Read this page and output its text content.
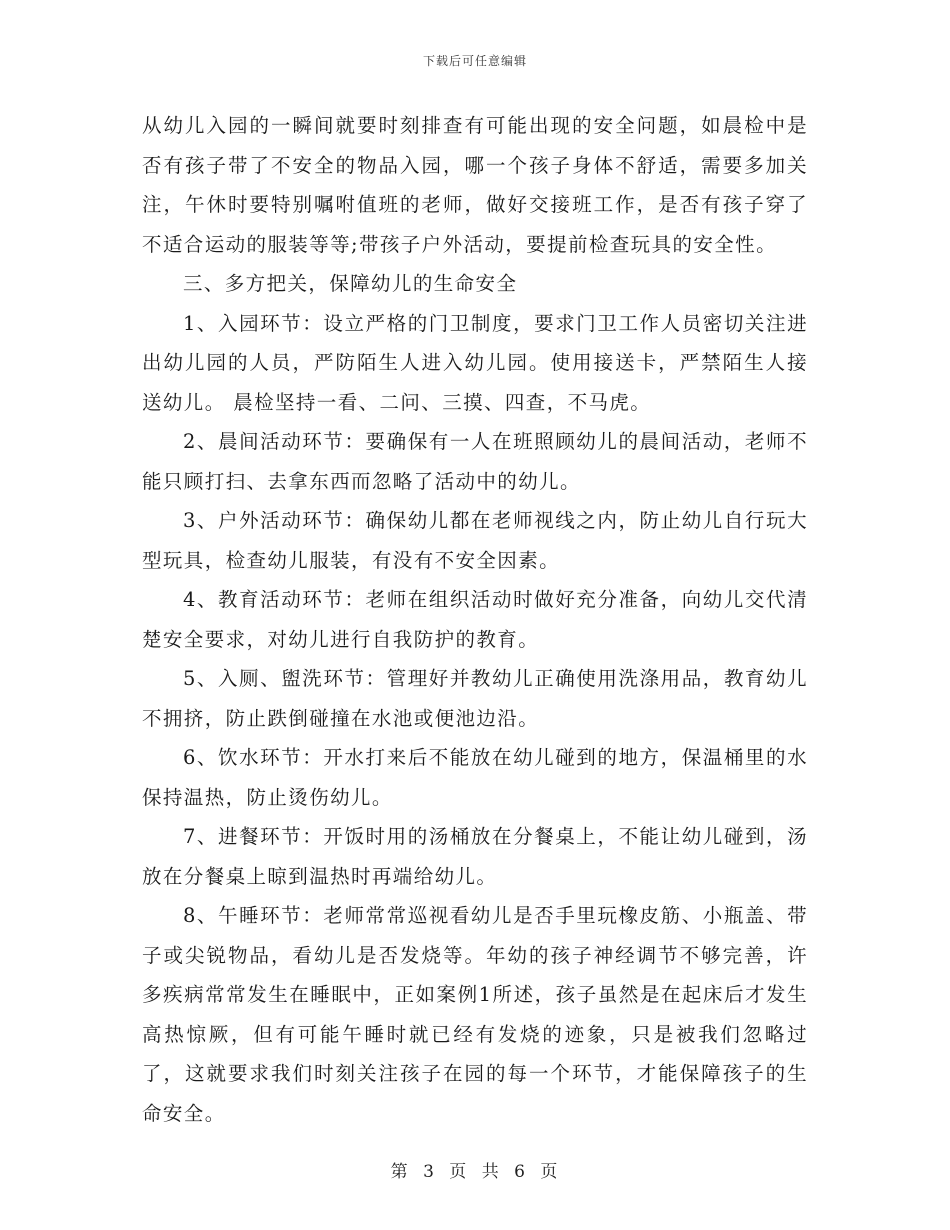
下载后可任意编辑

从幼儿入园的一瞬间就要时刻排查有可能出现的安全问题，如晨检中是否有孩子带了不安全的物品入园，哪一个孩子身体不舒适，需要多加关注，午休时要特别嘱咐值班的老师，做好交接班工作，是否有孩子穿了不适合运动的服装等等;带孩子户外活动，要提前检查玩具的安全性。

三、多方把关，保障幼儿的生命安全

1、入园环节：设立严格的门卫制度，要求门卫工作人员密切关注进出幼儿园的人员，严防陌生人进入幼儿园。使用接送卡，严禁陌生人接送幼儿。 晨检坚持一看、二问、三摸、四查，不马虎。

2、晨间活动环节：要确保有一人在班照顾幼儿的晨间活动，老师不能只顾打扫、去拿东西而忽略了活动中的幼儿。

3、户外活动环节：确保幼儿都在老师视线之内，防止幼儿自行玩大型玩具，检查幼儿服装，有没有不安全因素。

4、教育活动环节：老师在组织活动时做好充分准备，向幼儿交代清楚安全要求，对幼儿进行自我防护的教育。

5、入厕、盥洗环节：管理好并教幼儿正确使用洗涤用品，教育幼儿不拥挤，防止跌倒碰撞在水池或便池边沿。

6、饮水环节：开水打来后不能放在幼儿碰到的地方，保温桶里的水保持温热，防止烫伤幼儿。

7、进餐环节：开饭时用的汤桶放在分餐桌上，不能让幼儿碰到，汤放在分餐桌上晾到温热时再端给幼儿。

8、午睡环节：老师常常巡视看幼儿是否手里玩橡皮筋、小瓶盖、带子或尖锐物品，看幼儿是否发烧等。年幼的孩子神经调节不够完善，许多疾病常常发生在睡眠中，正如案例1所述，孩子虽然是在起床后才发生高热惊厥，但有可能午睡时就已经有发烧的迹象，只是被我们忽略过了，这就要求我们时刻关注孩子在园的每一个环节，才能保障孩子的生命安全。

第 3 页 共 6 页
